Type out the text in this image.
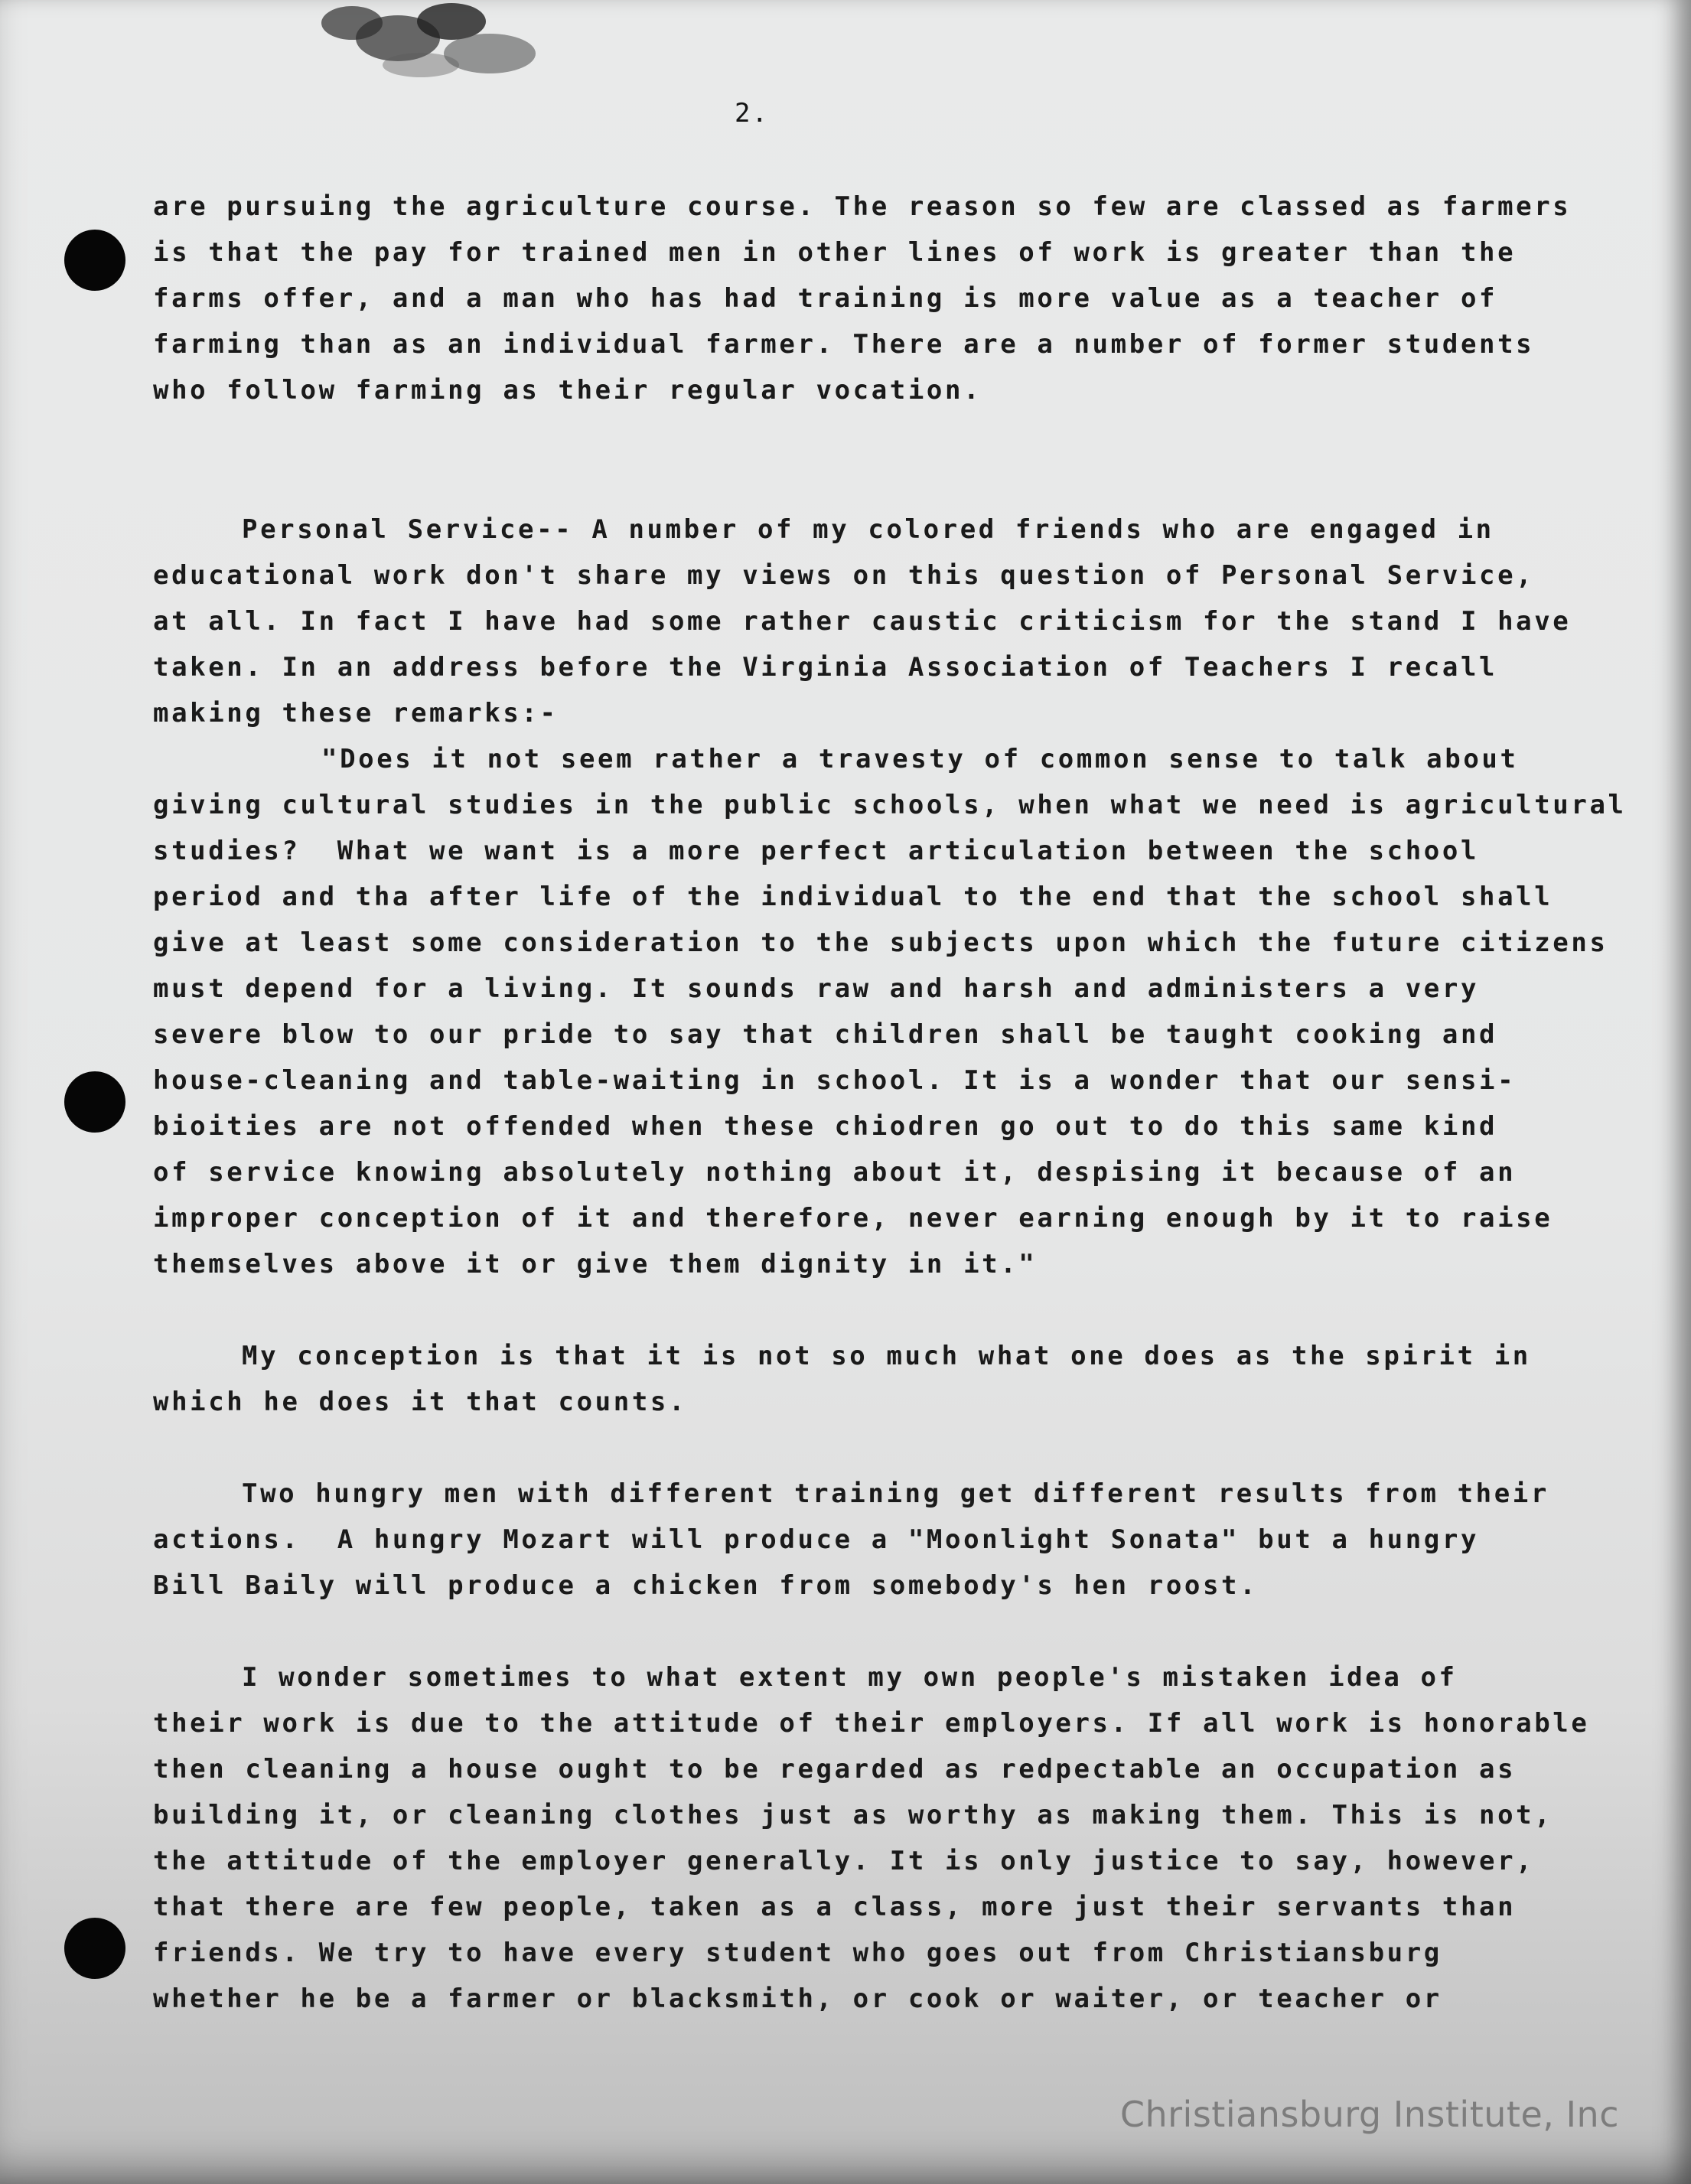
2.
are pursuing the agriculture course. The reason so few are classed as farmers
is that the pay for trained men in other lines of work is greater than the
farms offer, and a man who has had training is more value as a teacher of
farming than as an individual farmer. There are a number of former students
who follow farming as their regular vocation.
Personal Service-- A number of my colored friends who are engaged in
educational work don't share my views on this question of Personal Service,
at all. In fact I have had some rather caustic criticism for the stand I have
taken. In an address before the Virginia Association of Teachers I recall
making these remarks:-
"Does it not seem rather a travesty of common sense to talk about
giving cultural studies in the public schools, when what we need is agricultural
studies?  What we want is a more perfect articulation between the school
period and tha after life of the individual to the end that the school shall
give at least some consideration to the subjects upon which the future citizens
must depend for a living. It sounds raw and harsh and administers a very
severe blow to our pride to say that children shall be taught cooking and
house-cleaning and table-waiting in school. It is a wonder that our sensi-
bioities are not offended when these chiodren go out to do this same kind
of service knowing absolutely nothing about it, despising it because of an
improper conception of it and therefore, never earning enough by it to raise
themselves above it or give them dignity in it."
My conception is that it is not so much what one does as the spirit in
which he does it that counts.
Two hungry men with different training get different results from their
actions.  A hungry Mozart will produce a "Moonlight Sonata" but a hungry
Bill Baily will produce a chicken from somebody's hen roost.
I wonder sometimes to what extent my own people's mistaken idea of
their work is due to the attitude of their employers. If all work is honorable
then cleaning a house ought to be regarded as redpectable an occupation as
building it, or cleaning clothes just as worthy as making them. This is not,
the attitude of the employer generally. It is only justice to say, however,
that there are few people, taken as a class, more just their servants than
friends. We try to have every student who goes out from Christiansburg
whether he be a farmer or blacksmith, or cook or waiter, or teacher or
Christiansburg Institute, Inc
